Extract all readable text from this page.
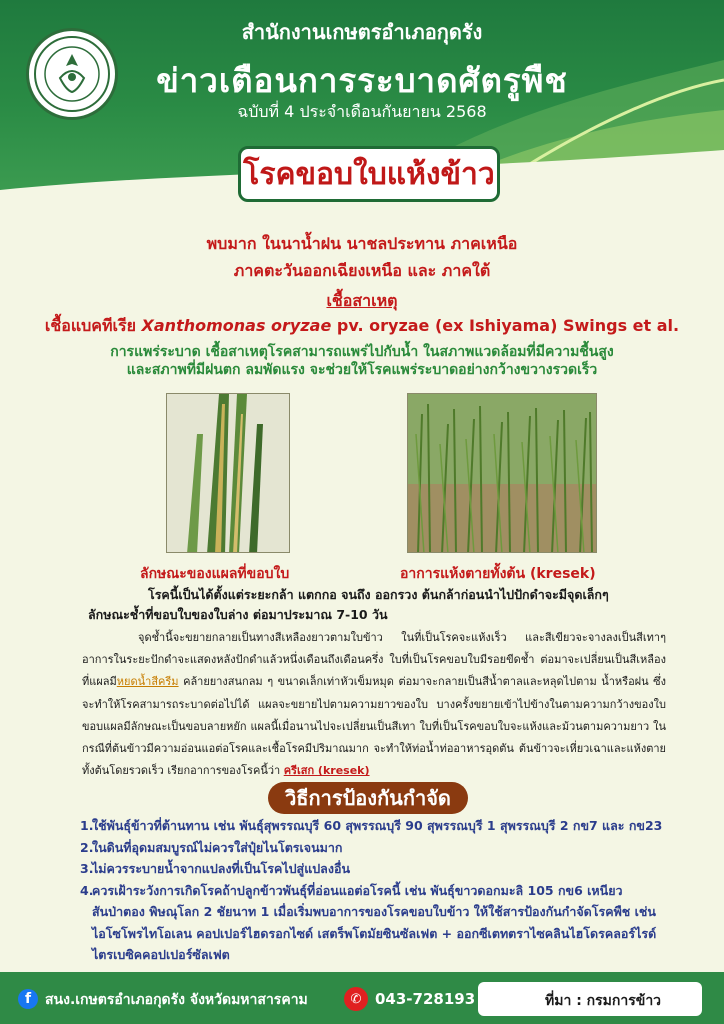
สำนักงานเกษตรอำเภอกุดรัง
ข่าวเตือนการระบาดศัตรูพืช
ฉบับที่ 4 ประจำเดือนกันยายน 2568
โรคขอบใบแห้งข้าว
พบมาก ในนาน้ำฝน นาชลประทาน ภาคเหนือ
ภาคตะวันออกเฉียงเหนือ และ ภาคใต้
เชื้อสาเหตุ
เชื้อแบคทีเรีย Xanthomonas oryzae pv. oryzae (ex Ishiyama) Swings et al.
การแพร่ระบาด เชื้อสาเหตุโรคสามารถแพร่ไปกับน้ำ ในสภาพแวดล้อมที่มีความชื้นสูง
และสภาพที่มีฝนตก ลมพัดแรง จะช่วยให้โรคแพร่ระบาดอย่างกว้างขวางรวดเร็ว
ลักษณะของแผลที่ขอบใบ	อาการแห้งตายทั้งต้น (kresek)
โรคนี้เป็นได้ตั้งแต่ระยะกล้า แตกกอ จนถึง ออกรวง ต้นกล้าก่อนนำไปปักดำจะมีจุดเล็กๆ
ลักษณะช้ำที่ขอบใบของใบล่าง ต่อมาประมาณ 7-10 วัน
จุดช้ำนี้จะขยายกลายเป็นทางสีเหลืองยาวตามใบข้าว ในที่เป็นโรคจะแห้งเร็ว และสีเขียวจะจางลงเป็นสีเทาๆ อาการในระยะปักดำจะแสดงหลังปักดำแล้วหนึ่งเดือนถึงเดือนครึ่ง ใบที่เป็นโรคขอบใบมีรอยขีดช้ำ ต่อมาจะเปลี่ยนเป็นสีเหลือง ที่แผลมีหยดน้ำสีครีม คล้ายยางสนกลม ๆ ขนาดเล็กเท่าหัวเข็มหมุด ต่อมาจะกลายเป็นสีน้ำตาลและหลุดไปตาม น้ำหรือฝน ซึ่งจะทำให้โรคสามารถระบาดต่อไปได้ แผลจะขยายไปตามความยาวของใบ บางครั้งขยายเข้าไปข้างในตามความกว้างของใบ ขอบแผลมีลักษณะเป็นขอบลายหยัก แผลนี้เมื่อนานไปจะเปลี่ยนเป็นสีเทา ใบที่เป็นโรคขอบใบจะแห้งและม้วนตามความยาว ในกรณีที่ต้นข้าวมีความอ่อนแอต่อโรคและเชื้อโรคมีปริมาณมาก จะทำให้ท่อน้ำท่ออาหารอุดตัน ต้นข้าวจะเหี่ยวเฉาและแห้งตายทั้งต้นโดยรวดเร็ว เรียกอาการของโรคนี้ว่า ครีเสก (kresek)
วิธีการป้องกันกำจัด
1.
ใช้พันธุ์ข้าวที่ต้านทาน เช่น พันธุ์สุพรรณบุรี 60 สุพรรณบุรี 90 สุพรรณบุรี 1 สุพรรณบุรี 2 กข7 และ กข23
2.
ในดินที่อุดมสมบูรณ์ไม่ควรใส่ปุ๋ยไนโตรเจนมาก
3.
ไม่ควรระบายน้ำจากแปลงที่เป็นโรคไปสู่แปลงอื่น
4.
ควรเฝ้าระวังการเกิดโรคถ้าปลูกข้าวพันธุ์ที่อ่อนแอต่อโรคนี้ เช่น พันธุ์ขาวดอกมะลิ 105 กข6 เหนียวสันป่าตอง พิษณุโลก 2 ชัยนาท 1 เมื่อเริ่มพบอาการของโรคขอบใบข้าว ให้ใช้สารป้องกันกำจัดโรคพืช เช่น ไอโซโพรไทโอเลน คอปเปอร์ไฮดรอกไซด์ เสตร็พโตมัยซินซัลเฟต + ออกซีเตทตราไซคลินไฮโดรคลอร์ไรด์ ไตรเบซิคคอปเปอร์ซัลเฟต
f สนง.เกษตรอำเภอกุดรัง จังหวัดมหาสารคาม	✆ 043-728193	ที่มา : กรมการข้าว
